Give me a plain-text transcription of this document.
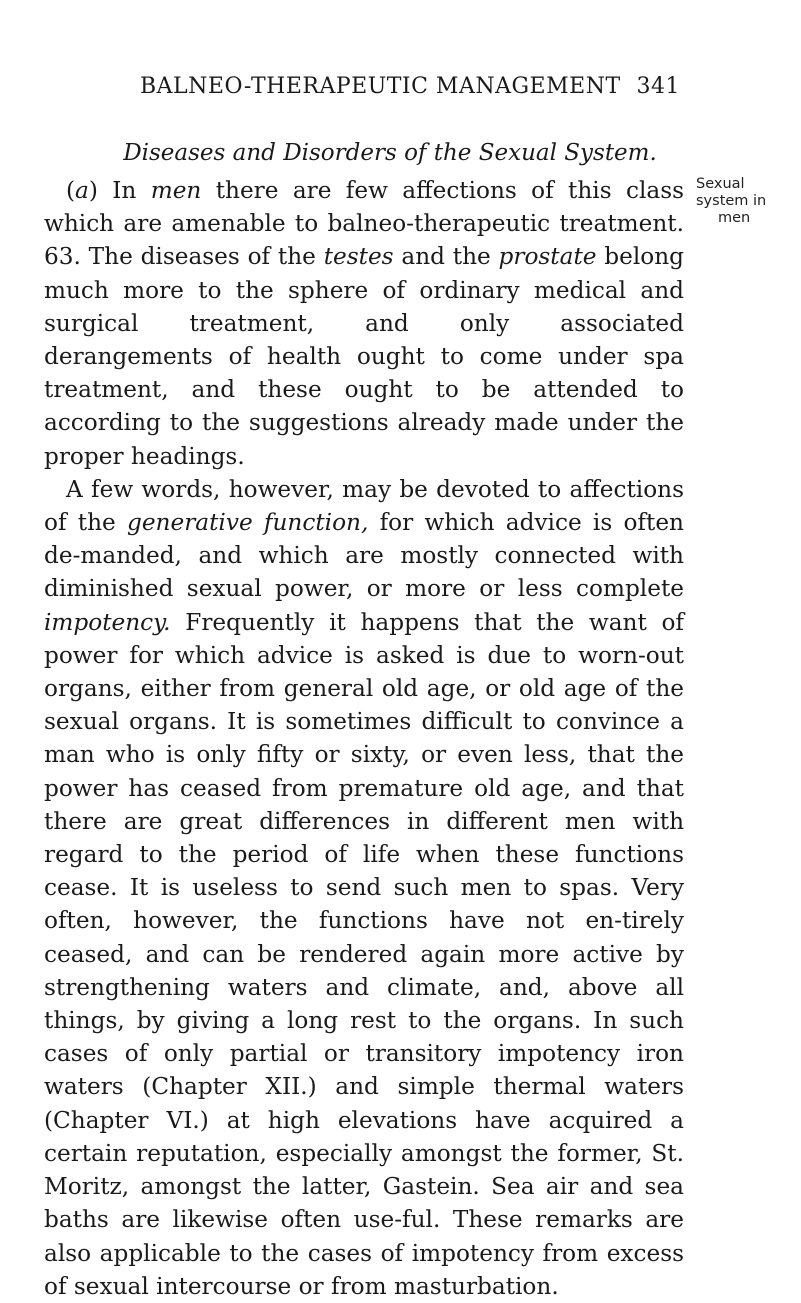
BALNEO-THERAPEUTIC MANAGEMENT 341
Diseases and Disorders of the Sexual System.

(a) In men there are few affections of this class which are amenable to balneo-therapeutic treatment. 63. The diseases of the testes and the prostate belong much more to the sphere of ordinary medical and surgical treatment, and only associated derangements of health ought to come under spa treatment, and these ought to be attended to according to the suggestions already made under the proper headings.

A few words, however, may be devoted to affections of the generative function, for which advice is often de-manded, and which are mostly connected with diminished sexual power, or more or less complete impotency. Frequently it happens that the want of power for which advice is asked is due to worn-out organs, either from general old age, or old age of the sexual organs. It is sometimes difficult to convince a man who is only fifty or sixty, or even less, that the power has ceased from premature old age, and that there are great differences in different men with regard to the period of life when these functions cease. It is useless to send such men to spas. Very often, however, the functions have not en-tirely ceased, and can be rendered again more active by strengthening waters and climate, and, above all things, by giving a long rest to the organs. In such cases of only partial or transitory impotency iron waters (Chapter XII.) and simple thermal waters (Chapter VI.) at high elevations have acquired a certain reputation, especially amongst the former, St. Moritz, amongst the latter, Gastein. Sea air and sea baths are likewise often use-ful. These remarks are also applicable to the cases of impotency from excess of sexual intercourse or from masturbation.

Sexual
system in
men
